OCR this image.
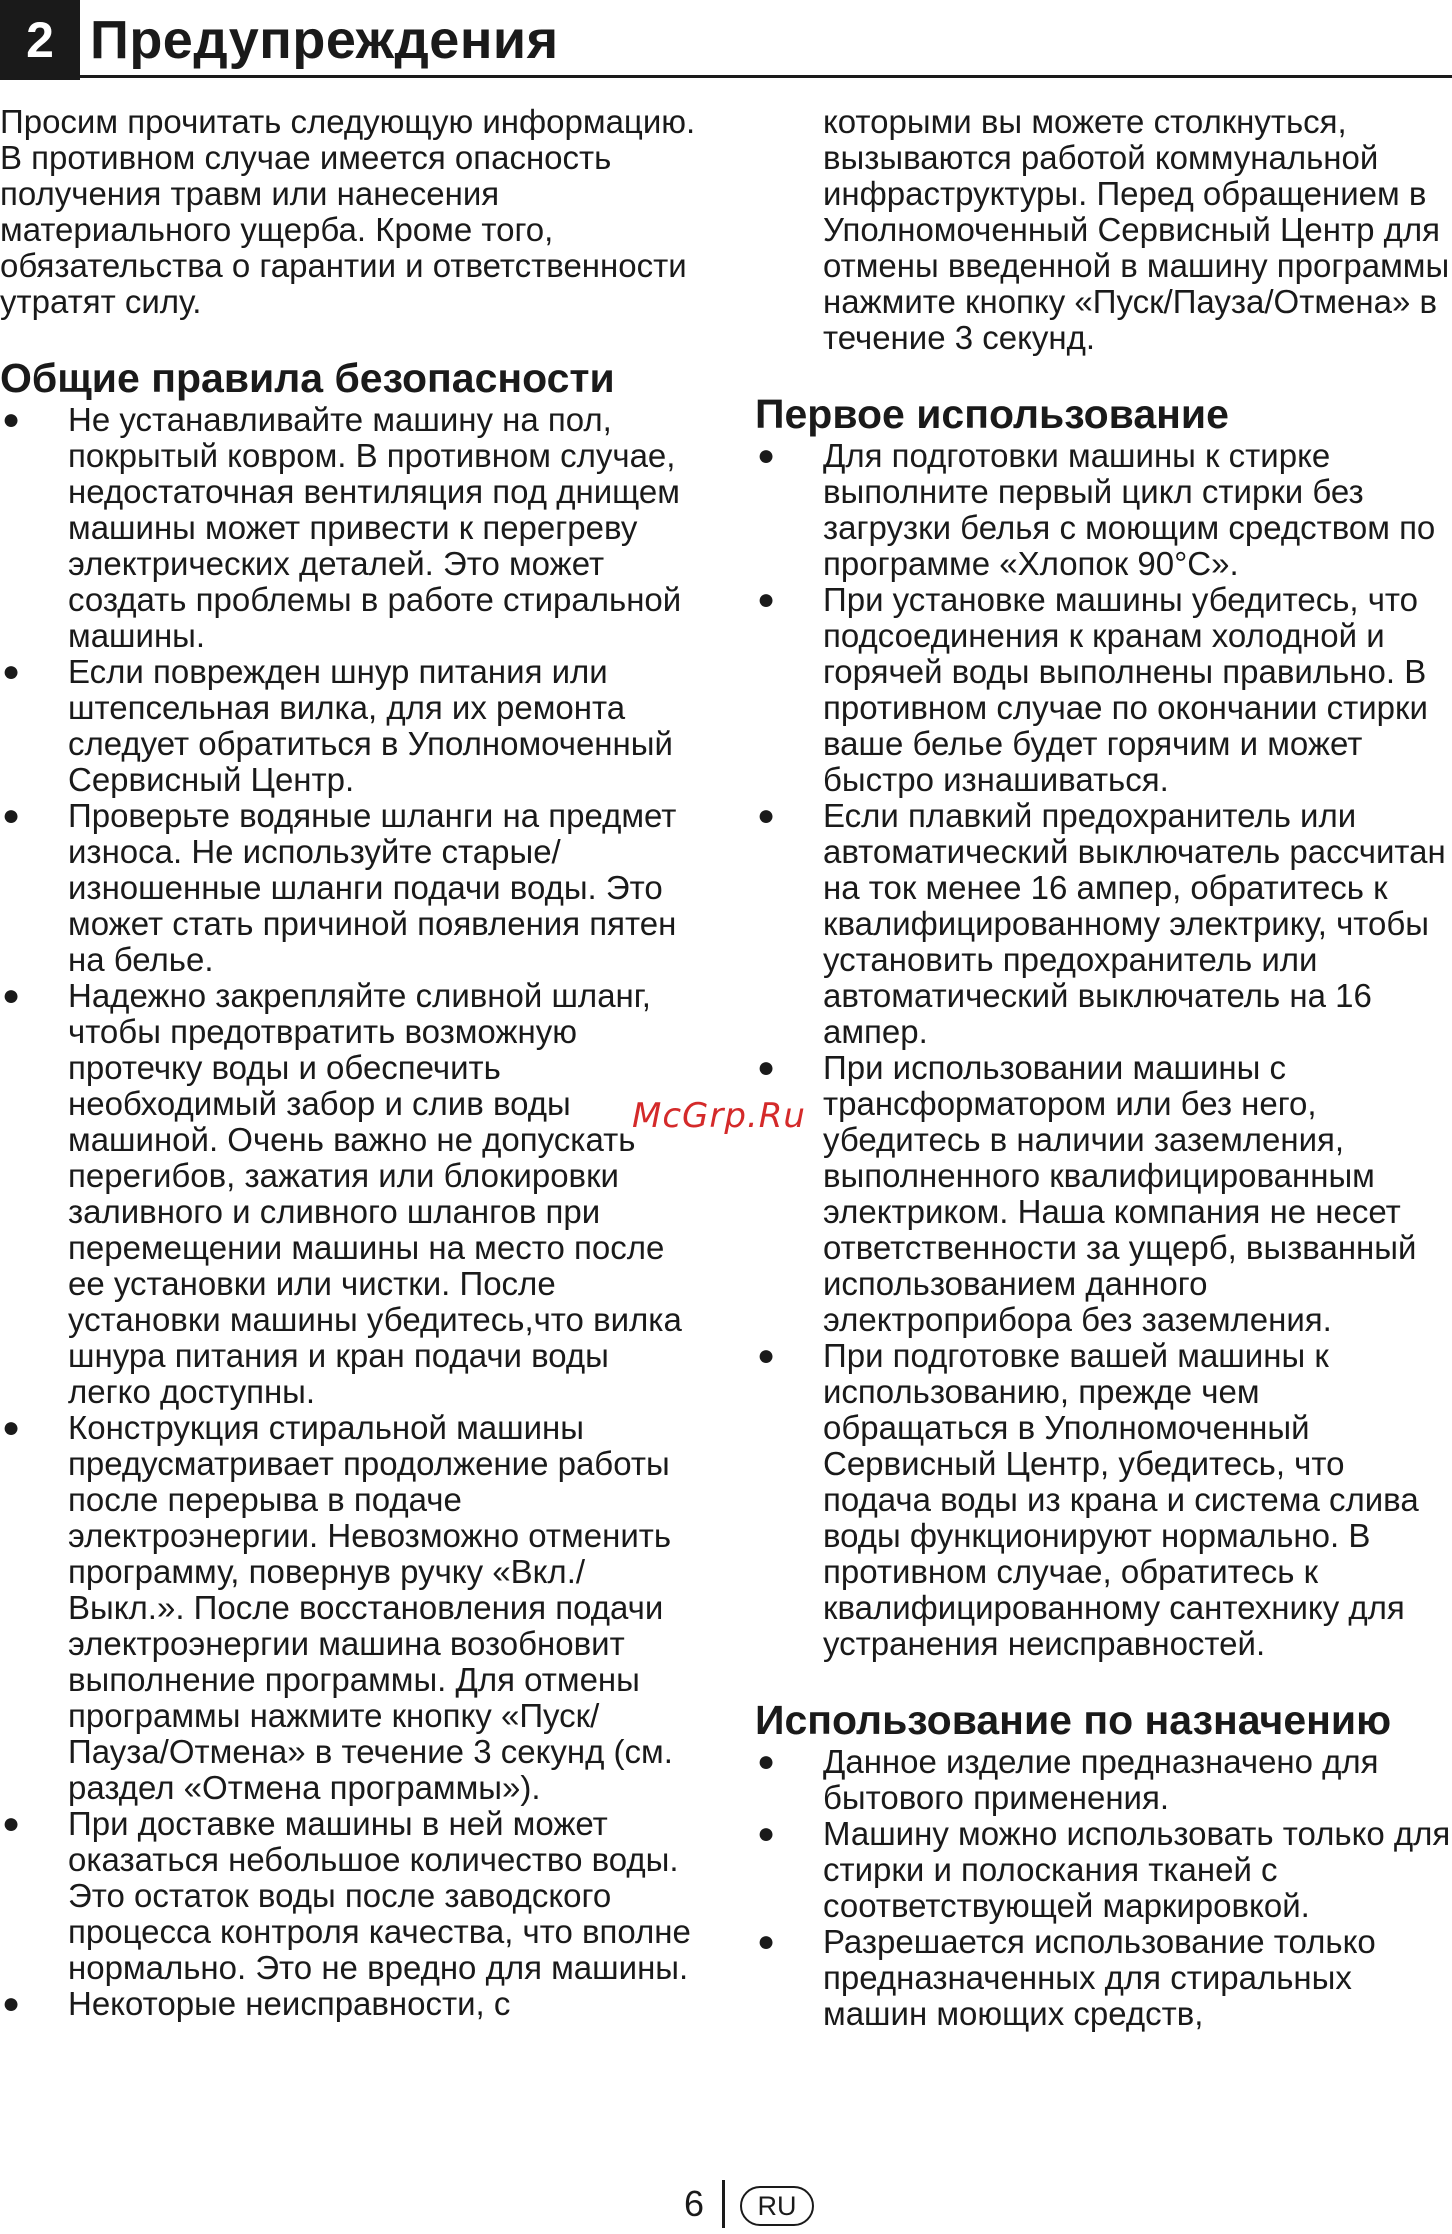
2 Предупреждения

Просим прочитать следующую информацию. В противном случае имеется опасность получения травм или нанесения материального ущерба. Кроме того, обязательства о гарантии и ответственности утратят силу.

Общие правила безопасности
● Не устанавливайте машину на пол, покрытый ковром. В противном случае, недостаточная вентиляция под днищем машины может привести к перегреву электрических деталей. Это может создать проблемы в работе стиральной машины.
● Если поврежден шнур питания или штепсельная вилка, для их ремонта следует обратиться в Уполномоченный Сервисный Центр.
● Проверьте водяные шланги на предмет износа. Не используйте старые/изношенные шланги подачи воды. Это может стать причиной появления пятен на белье.
● Надежно закрепляйте сливной шланг, чтобы предотвратить возможную протечку воды и обеспечить необходимый забор и слив воды машиной. Очень важно не допускать перегибов, зажатия или блокировки заливного и сливного шлангов при перемещении машины на место после ее установки или чистки. После установки машины убедитесь,что вилка шнура питания и кран подачи воды легко доступны.
● Конструкция стиральной машины предусматривает продолжение работы после перерыва в подаче электроэнергии. Невозможно отменить программу, повернув ручку «Вкл./Выкл.». После восстановления подачи электроэнергии машина возобновит выполнение программы. Для отмены программы нажмите кнопку «Пуск/Пауза/Отмена» в течение 3 секунд (см. раздел «Отмена программы»).
● При доставке машины в ней может оказаться небольшое количество воды. Это остаток воды после заводского процесса контроля качества, что вполне нормально. Это не вредно для машины.
● Некоторые неисправности, с

которыми вы можете столкнуться, вызываются работой коммунальной инфраструктуры. Перед обращением в Уполномоченный Сервисный Центр для отмены введенной в машину программы нажмите кнопку «Пуск/Пауза/Отмена» в течение 3 секунд.

Первое использование
● Для подготовки машины к стирке выполните первый цикл стирки без загрузки белья с моющим средством по программе «Хлопок 90°С».
● При установке машины убедитесь, что подсоединения к кранам холодной и горячей воды выполнены правильно. В противном случае по окончании стирки ваше белье будет горячим и может быстро изнашиваться.
● Если плавкий предохранитель или автоматический выключатель рассчитан на ток менее 16 ампер, обратитесь к квалифицированному электрику, чтобы установить предохранитель или автоматический выключатель на 16 ампер.
● При использовании машины с трансформатором или без него, убедитесь в наличии заземления, выполненного квалифицированным электриком. Наша компания не несет ответственности за ущерб, вызванный использованием данного электроприбора без заземления.
● При подготовке вашей машины к использованию, прежде чем обращаться в Уполномоченный Сервисный Центр, убедитесь, что подача воды из крана и система слива воды функционируют нормально. В противном случае, обратитесь к квалифицированному сантехнику для устранения неисправностей.
Использование по назначению
● Данное изделие предназначено для бытового применения.
● Машину можно использовать только для стирки и полоскания тканей с соответствующей маркировкой.
● Разрешается использование только предназначенных для стиральных машин моющих средств,
McGrp.Ru
6	RU
